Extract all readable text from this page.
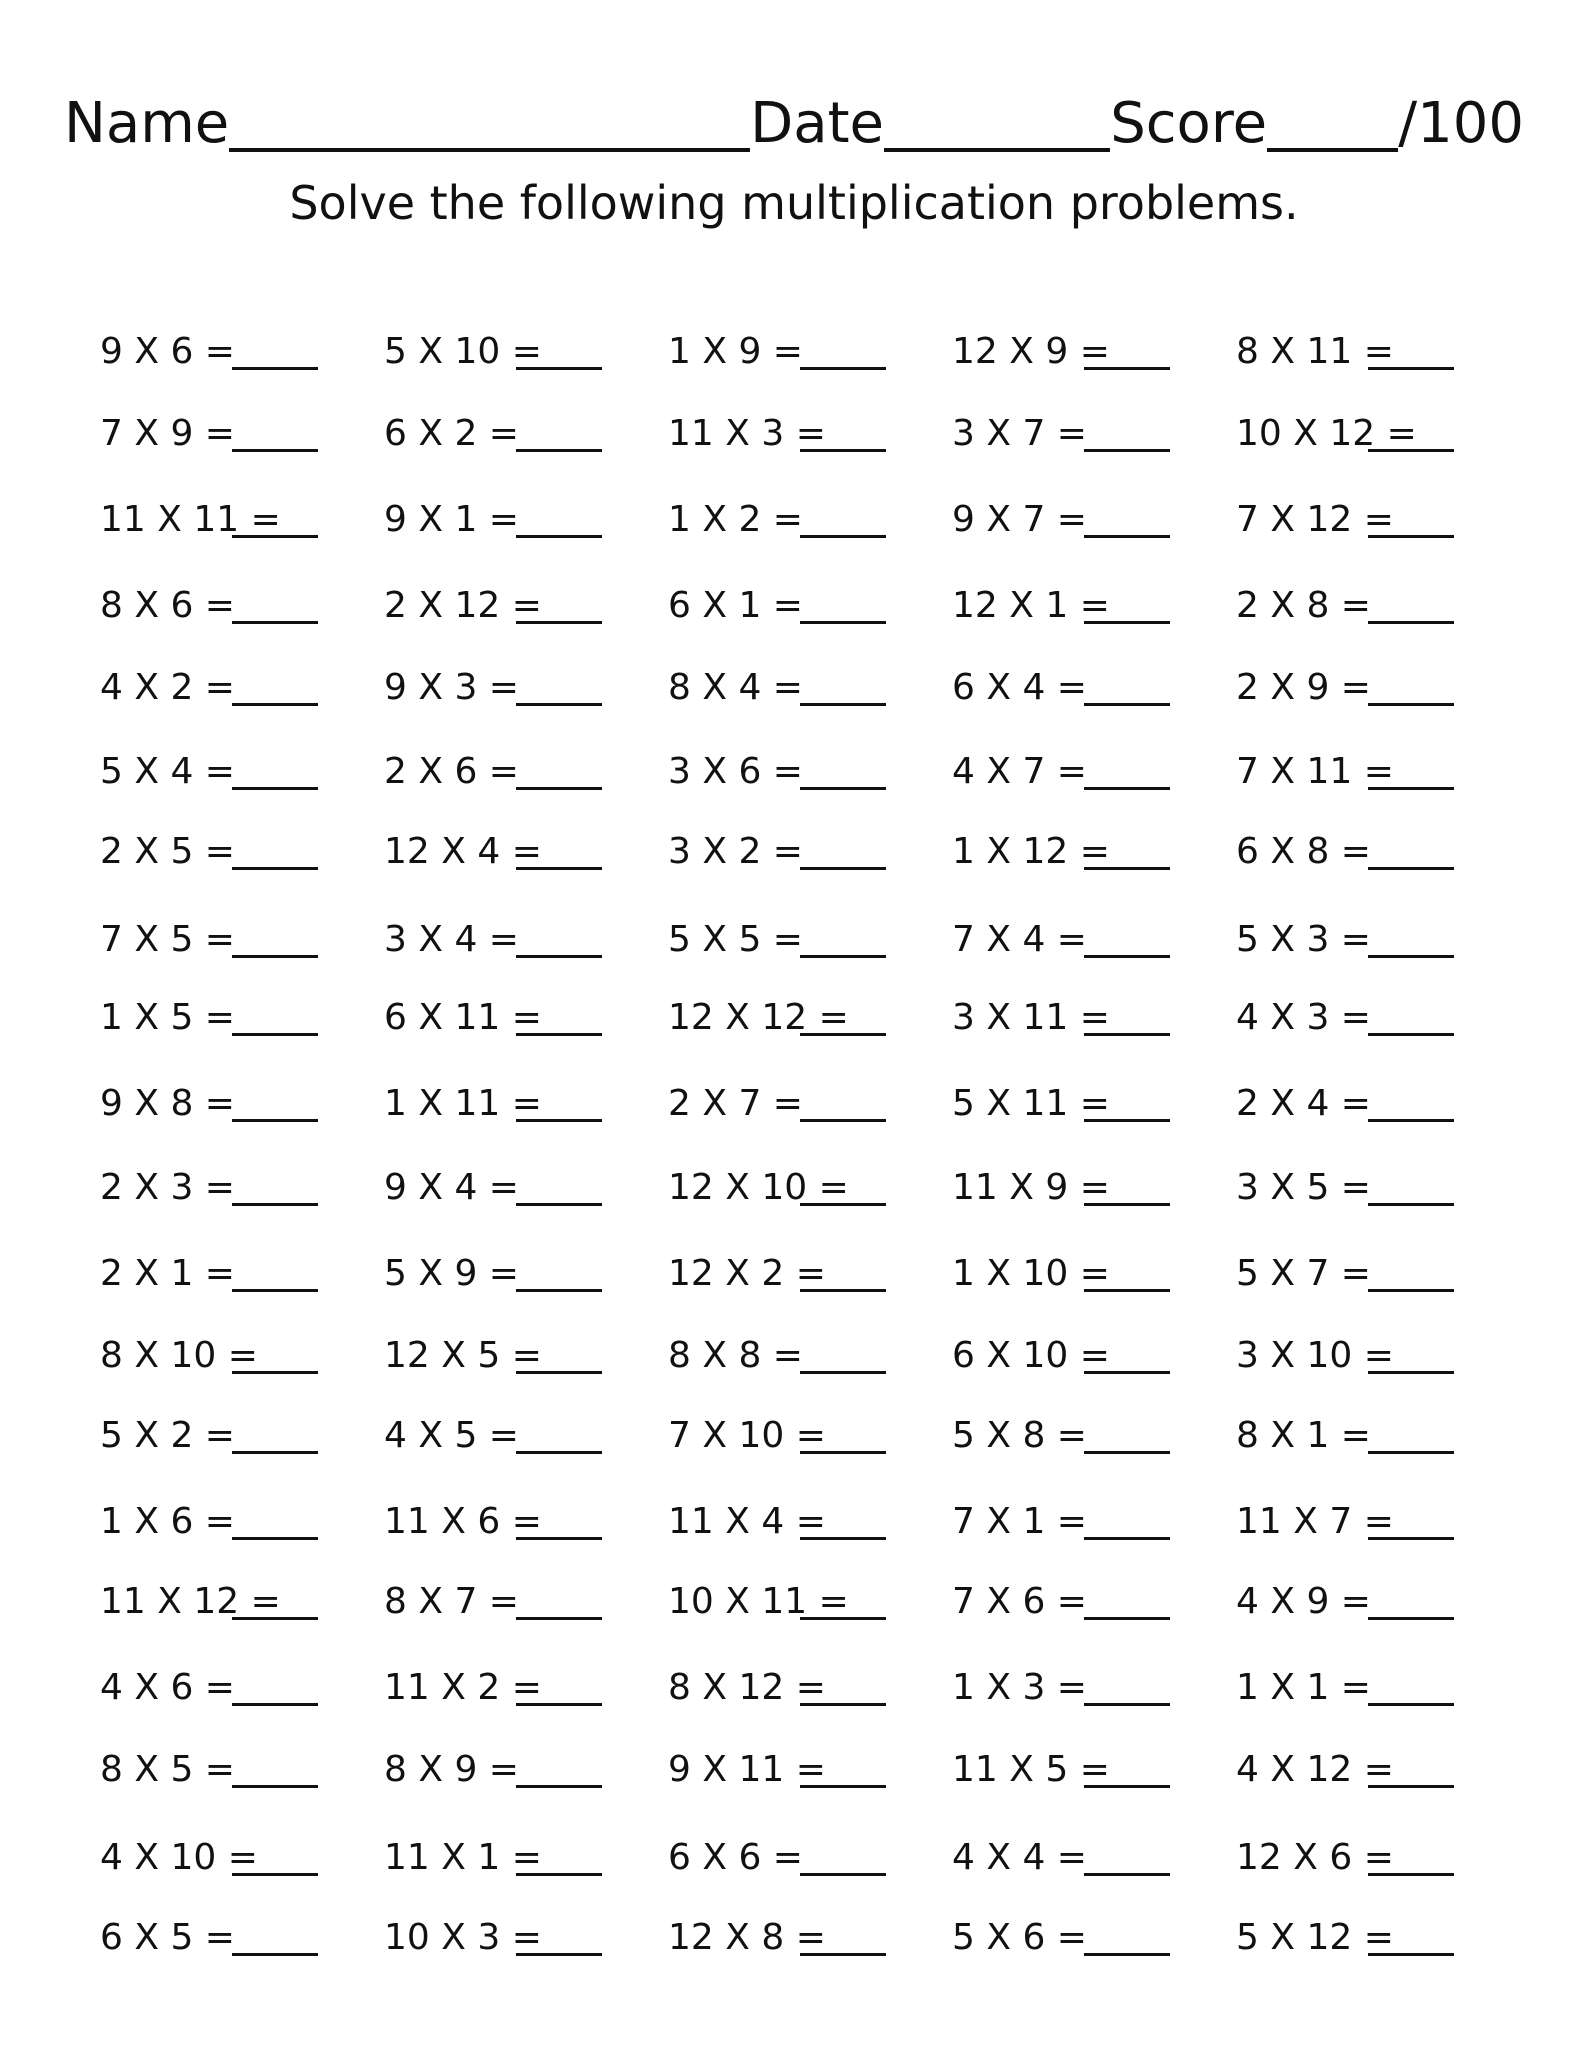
Name	Date	Score /100
Solve the following multiplication problems.
9 X 6 =	5 X 10 =	1 X 9 =	12 X 9 =	8 X 11 =
7 X 9 =	6 X 2 =	11 X 3 =	3 X 7 =	10 X 12 =
11 X 11 =	9 X 1 =	1 X 2 =	9 X 7 =	7 X 12 =
8 X 6 =	2 X 12 =	6 X 1 =	12 X 1 =	2 X 8 =
4 X 2 =	9 X 3 =	8 X 4 =	6 X 4 =	2 X 9 =
5 X 4 =	2 X 6 =	3 X 6 =	4 X 7 =	7 X 11 =
2 X 5 =	12 X 4 =	3 X 2 =	1 X 12 =	6 X 8 =
7 X 5 =	3 X 4 =	5 X 5 =	7 X 4 =	5 X 3 =
1 X 5 =	6 X 11 =	12 X 12 =	3 X 11 =	4 X 3 =
9 X 8 =	1 X 11 =	2 X 7 =	5 X 11 =	2 X 4 =
2 X 3 =	9 X 4 =	12 X 10 =	11 X 9 =	3 X 5 =
2 X 1 =	5 X 9 =	12 X 2 =	1 X 10 =	5 X 7 =
8 X 10 =	12 X 5 =	8 X 8 =	6 X 10 =	3 X 10 =
5 X 2 =	4 X 5 =	7 X 10 =	5 X 8 =	8 X 1 =
1 X 6 =	11 X 6 =	11 X 4 =	7 X 1 =	11 X 7 =
11 X 12 =	8 X 7 =	10 X 11 =	7 X 6 =	4 X 9 =
4 X 6 =	11 X 2 =	8 X 12 =	1 X 3 =	1 X 1 =
8 X 5 =	8 X 9 =	9 X 11 =	11 X 5 =	4 X 12 =
4 X 10 =	11 X 1 =	6 X 6 =	4 X 4 =	12 X 6 =
6 X 5 =	10 X 3 =	12 X 8 =	5 X 6 =	5 X 12 =
